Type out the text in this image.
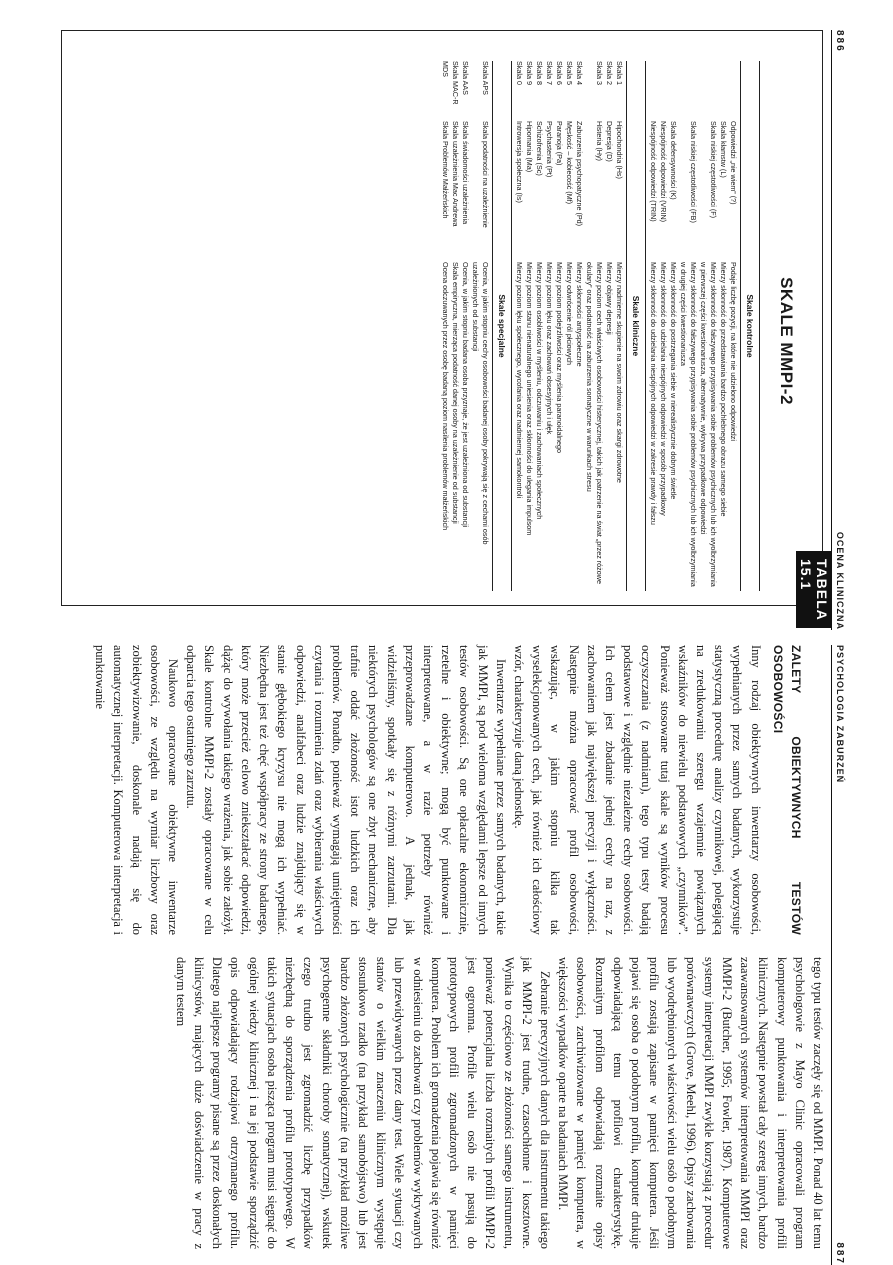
886
OCENA KLINICZNA
TABELA 15.1
SKALE MMPI-2
Skale kontrolne
Odpowiedzi „nie wiem” (?)
Podaje liczbę pozycji, na które nie udzielono odpowiedzi
Skala kłamstw (L)
Mierzy skłonność do przedstawiania bardzo pochlebnego obrazu samego siebie
Skala niskiej częstotliwości (F)
Mierzy skłonność do fałszywego przypisywania sobie problemów psychicznych lub ich wyolbrzymiania w pierwszej części kwestionariusza, alternatywnie, wykrywa przypadkowe odpowiedzi
Skala niskiej częstotliwości (FB)
Mierzy skłonność do fałszywego przypisywania sobie problemów psychicznych lub ich wyolbrzymiania w drugiej części kwestionariusza
Skala defensywności (K)
Mierzy skłonność do postrzegania siebie w nierealistycznie dobrym świetle
Niespójność odpowiedzi (VRIN)
Mierzy skłonność do udzielania niespójnych odpowiedzi w sposób przypadkowy
Niespójność odpowiedzi (TRIN)
Mierzy skłonność do udzielania niespójnych odpowiedzi w zakresie prawdy i fałszu
Skale kliniczne
Skala 1
Hipochondria (Hs)
Mierzy nadmierne skupienie na swoim zdrowiu oraz skargi zdrowotne
Skala 2
Depresja (D)
Mierzy objawy depresji
Skala 3
Histeria (Hy)
Mierzy poziom cech właściwych osobowości histerycznej, takich jak patrzenie na świat „przez różowe okulary” oraz podatność na zaburzenia somatyczne w warunkach stresu
Skala 4
Zaburzenia psychopatyczne (Pd)
Mierzy skłonności antyspołeczne
Skala 5
Męskość – kobiecość (Mf)
Mierzy odwrócenie ról płciowych
Skala 6
Paranoja (Pa)
Mierzy poziom podejrzliwości oraz myślenia paranoidalnego
Skala 7
Psychastenia (Pt)
Mierzy poziom lęku oraz zachowań obsesyjnych i ułęk
Skala 8
Schizofrenia (Sc)
Mierzy poziom osobliwości w myśleniu, odczuwaniu i zachowaniach społecznych
Skala 9
Hipomania (Ma)
Mierzy poziom stanu nienaturalnego uniesienia oraz skłonności do ulegania impulsom
Skala 0
Introwersja społeczna (Is)
Mierzy poziom lęku społecznego, wycofania oraz nadmiernej samokontroli
Skale specjalne
Skala APS
Skala podatności na uzależnienie
Ocenia, w jakim stopniu cechy osobowości badanej osoby pokrywają się z cechami osób uzależnionych od substancji
Skala AAS
Skala świadomości uzależnienia
Ocenia, w jakim stopniu badana osoba przyznaje, że jest uzależniona od substancji
Skala MAC-R
Skala uzależnienia Mac Andrewa
Skala empiryczna, mierząca podatność danej osoby na uzależnienie od substancji
MDS
Skala Problemów Małżeńskich
Ocena odczuwanych przez osobę badaną poziom nasilenia problemów małżeńskich
PSYCHOLOGIA ZABURZEŃ
887
ZALETY OBIEKTYWNYCH TESTÓW OSOBOWOŚCI

Inny rodzaj obiektywnych inwentarzy osobowości, wypełnianych przez samych badanych, wykorzystuje statystyczną procedurę analizy czynnikowej, polegającą na zredukowaniu szeregu wzajemnie powiązanych wskaźników do niewielu podstawowych „czynników”. Ponieważ stosowane tutaj skale są wyników procesu oczyszczania (z nadmiaru), tego typu testy badają podstawowe i względnie niezależne cechy osobowości. Ich celem jest zbadanie jednej cechy na raz, z zachowaniem jak największej precyzji i wyłączności. Następnie można opracować profil osobowości, wskazując, w jakim stopniu kilka tak wyselekcjonowanych cech, jak również ich całościowy wzór, charakteryzuje daną jednostkę.

Inwentarze wypełniane przez samych badanych, takie jak MMPI, są pod wieloma względami lepsze od innych testów osobowości. Są one opłacalne ekonomicznie, rzetelne i obiektywne; mogą być punktowane i interpretowane, a w razie potrzeby również przeprowadzane komputerowo. A jednak, jak widzieliśmy, spotkały się z różnymi zarzutami. Dla niektórych psychologów są one zbyt mechaniczne, aby trafnie oddać złożoność istot ludzkich oraz ich problemów. Ponadto, ponieważ wymagają umiejętności czytania i rozumienia zdań oraz wybierania właściwych odpowiedzi, analfabeci oraz ludzie znajdujący się w stanie głębokiego kryzysu nie mogą ich wypełniać. Niezbędna jest też chęć współpracy ze strony badanego, który może przecież celowo zniekształcać odpowiedzi, dążąc do wywołania takiego wrażenia, jak sobie założył. Skale kontrolne MMPI-2 zostały opracowane w celu odparcia tego ostatniego zarzutu.

Naukowo opracowane obiektywne inwentarze osobowości, ze względu na wymiar liczbowy oraz zobiektywizowanie, doskonale nadają się do automatycznej interpretacji. Komputerowa interpretacja i punktowanie

tego typu testów zaczęły się od MMPI. Ponad 40 lat temu psychologowie z Mayo Clinic opracowali program komputerowy punktowania i interpretowania profili klinicznych. Następnie powstał cały szereg innych, bardzo zaawansowanych systemów interpretowania MMPI oraz MMPI-2 (Butcher, 1995; Fowler, 1987). Komputerowe systemy interpretacji MMPI zwykle korzystają z procedur porównawczych (Grove, Meehl, 1996). Opisy zachowania lub wyodrębnionych właściwości wielu osób o podobnym profilu zostają zapisane w pamięci komputera. Jeśli pojawi się osoba o podobnym profilu, komputer drukuje odpowiadającą temu profilowi charakterystykę. Rozmaitym profilom odpowiadają rozmaite opisy osobowości, zarchiwizowane w pamięci komputera, w większości wypadków oparte na badaniach MMPI.

Zebranie precyzyjnych danych dla instrumentu takiego jak MMPI-2 jest trudne, czasochłonne i kosztowne. Wynika to częściowo ze złożoności samego instrumentu, ponieważ potencjalna liczba rozmaitych profili MMPI-2 jest ogromna. Profile wielu osób nie pasują do prototypowych profili zgromadzonych w pamięci komputera. Problem ich gromadzenia pojawia się również w odniesieniu do zachowań czy problemów wykrywanych lub przewidywanych przez dany test. Wiele sytuacji czy stanów o wielkim znaczeniu klinicznym występuje stosunkowo rzadko (na przykład samobójstwo) lub jest bardzo złożonych psychologicznie (na przykład możliwe psychogenne składniki choroby somatycznej), wskutek czego trudno jest zgromadzić liczbę przypadków niezbędną do sporządzenia profilu prototypowego. W takich sytuacjach osoba pisząca program musi sięgnąć do ogólnej wiedzy klinicznej i na jej podstawie sporządzić opis odpowiadający rodzajowi otrzymanego profilu. Dlatego najlepsze programy pisane są przez doskonałych klinicystów, mających duże doświadczenie w pracy z danym testem
